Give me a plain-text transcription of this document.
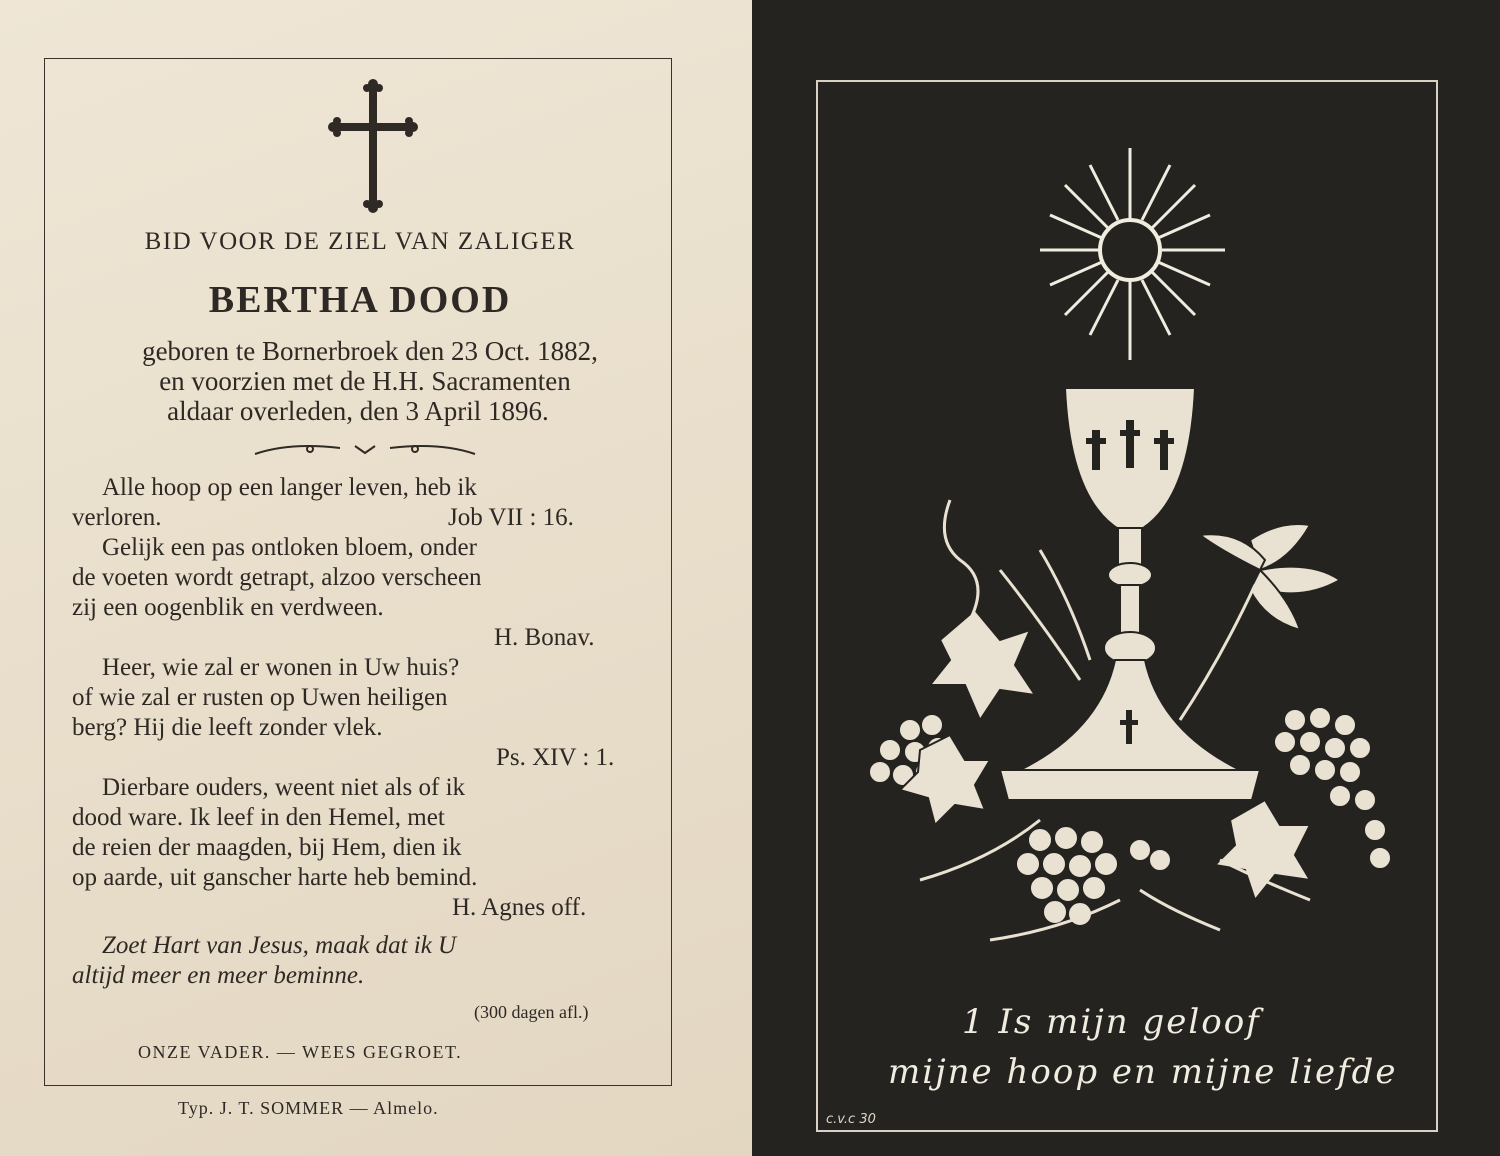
BID VOOR DE ZIEL VAN ZALIGER
BERTHA DOOD
geboren te Bornerbroek den 23 Oct. 1882,
en voorzien met de H.H. Sacramenten
aldaar overleden, den 3 April 1896.
Alle hoop op een langer leven, heb ik
verloren.	Job VII : 16.
Gelijk een pas ontloken bloem, onder
de voeten wordt getrapt, alzoo verscheen
zij een oogenblik en verdween.
H. Bonav.
Heer, wie zal er wonen in Uw huis?
of wie zal er rusten op Uwen heiligen
berg? Hij die leeft zonder vlek.
Ps. XIV : 1.
Dierbare ouders, weent niet als of ik
dood ware. Ik leef in den Hemel, met
de reien der maagden, bij Hem, dien ik
op aarde, uit ganscher harte heb bemind.
H. Agnes off.
Zoet Hart van Jesus, maak dat ik U
altijd meer en meer beminne.
(300 dagen afl.)
ONZE VADER. — WEES GEGROET.
Typ. J. T. SOMMER — Almelo.
1 Is mijn geloof
mijne hoop en mijne liefde
c.v.c 30
